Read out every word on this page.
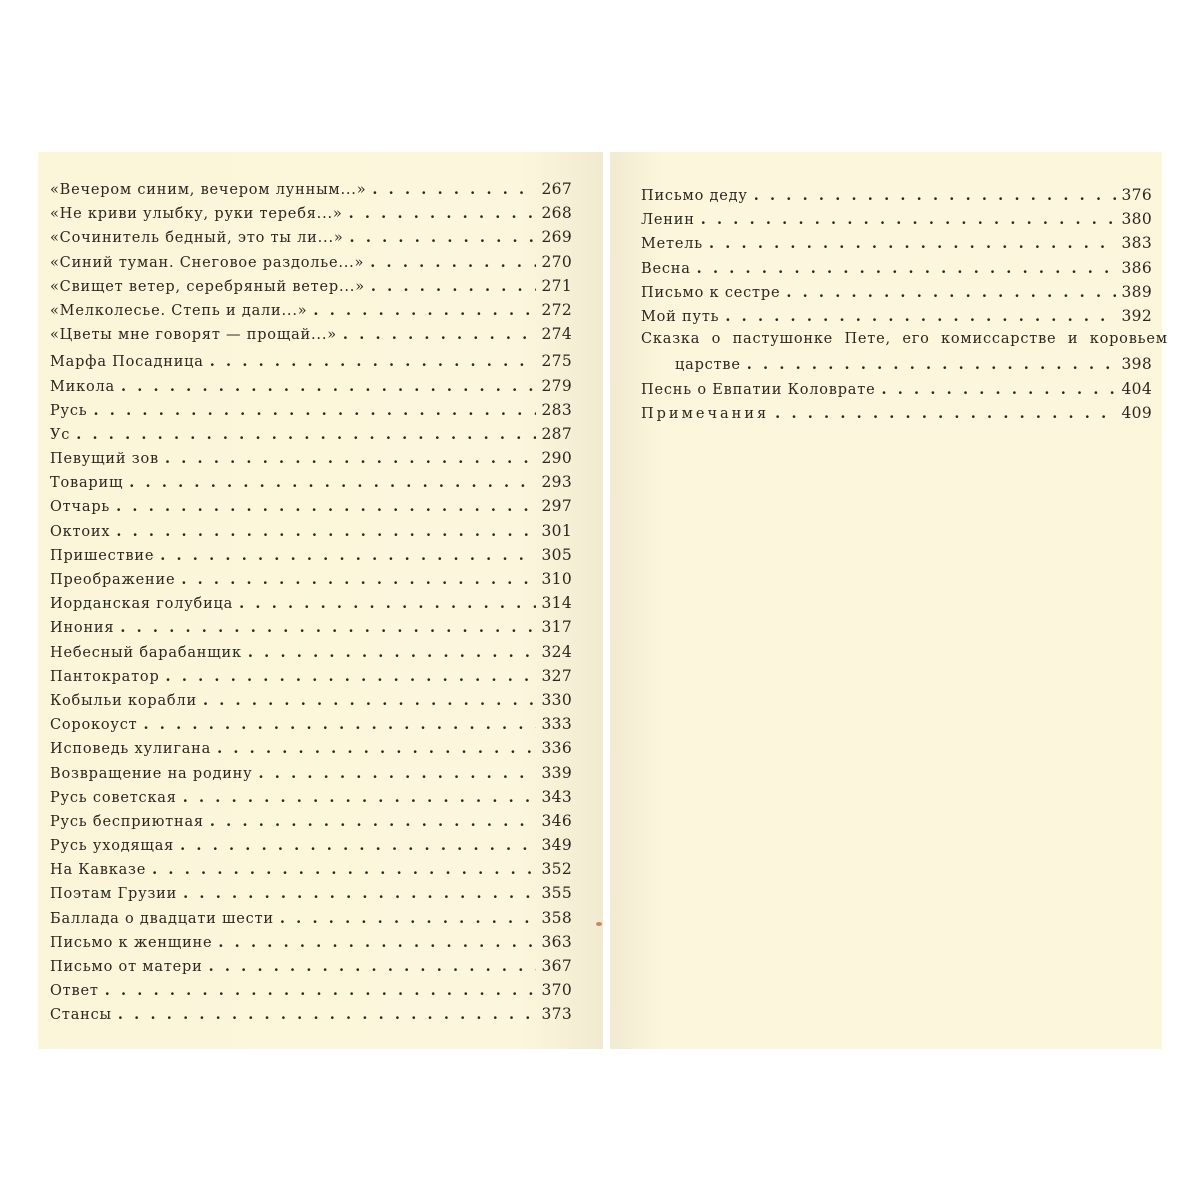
«Вечером синим, вечером лунным...» . . .	267
«Не криви улыбку, руки теребя...» . . .	268
«Сочинитель бедный, это ты ли...» . . .	269
«Синий туман. Снеговое раздолье...» . . .	270
«Свищет ветер, серебряный ветер...» . . .	271
«Мелколесье. Степь и дали...» . . .	272
«Цветы мне говорят — прощай...» . . .	274
Марфа Посадница . . .	275
Микола . . .	279
Русь . . .	283
Ус . . .	287
Певущий зов . . .	290
Товарищ . . .	293
Отчарь . . .	297
Октоих . . .	301
Пришествие . . .	305
Преображение . . .	310
Иорданская голубица . . .	314
Инония . . .	317
Небесный барабанщик . . .	324
Пантократор . . .	327
Кобыльи корабли . . .	330
Сорокоуст . . .	333
Исповедь хулигана . . .	336
Возвращение на родину . . .	339
Русь советская . . .	343
Русь бесприютная . . .	346
Русь уходящая . . .	349
На Кавказе . . .	352
Поэтам Грузии . . .	355
Баллада о двадцати шести . . .	358
Письмо к женщине . . .	363
Письмо от матери . . .	367
Ответ . . .	370
Стансы . . .	373
Письмо деду . . .	376
Ленин . . .	380
Метель . . .	383
Весна . . .	386
Письмо к сестре . . .	389
Мой путь . . .	392
Сказка о пастушонке Пете, его комиссарстве и коровьем
царстве . . .	398
Песнь о Евпатии Коловрате . . .	404
Примечания . . .	409
